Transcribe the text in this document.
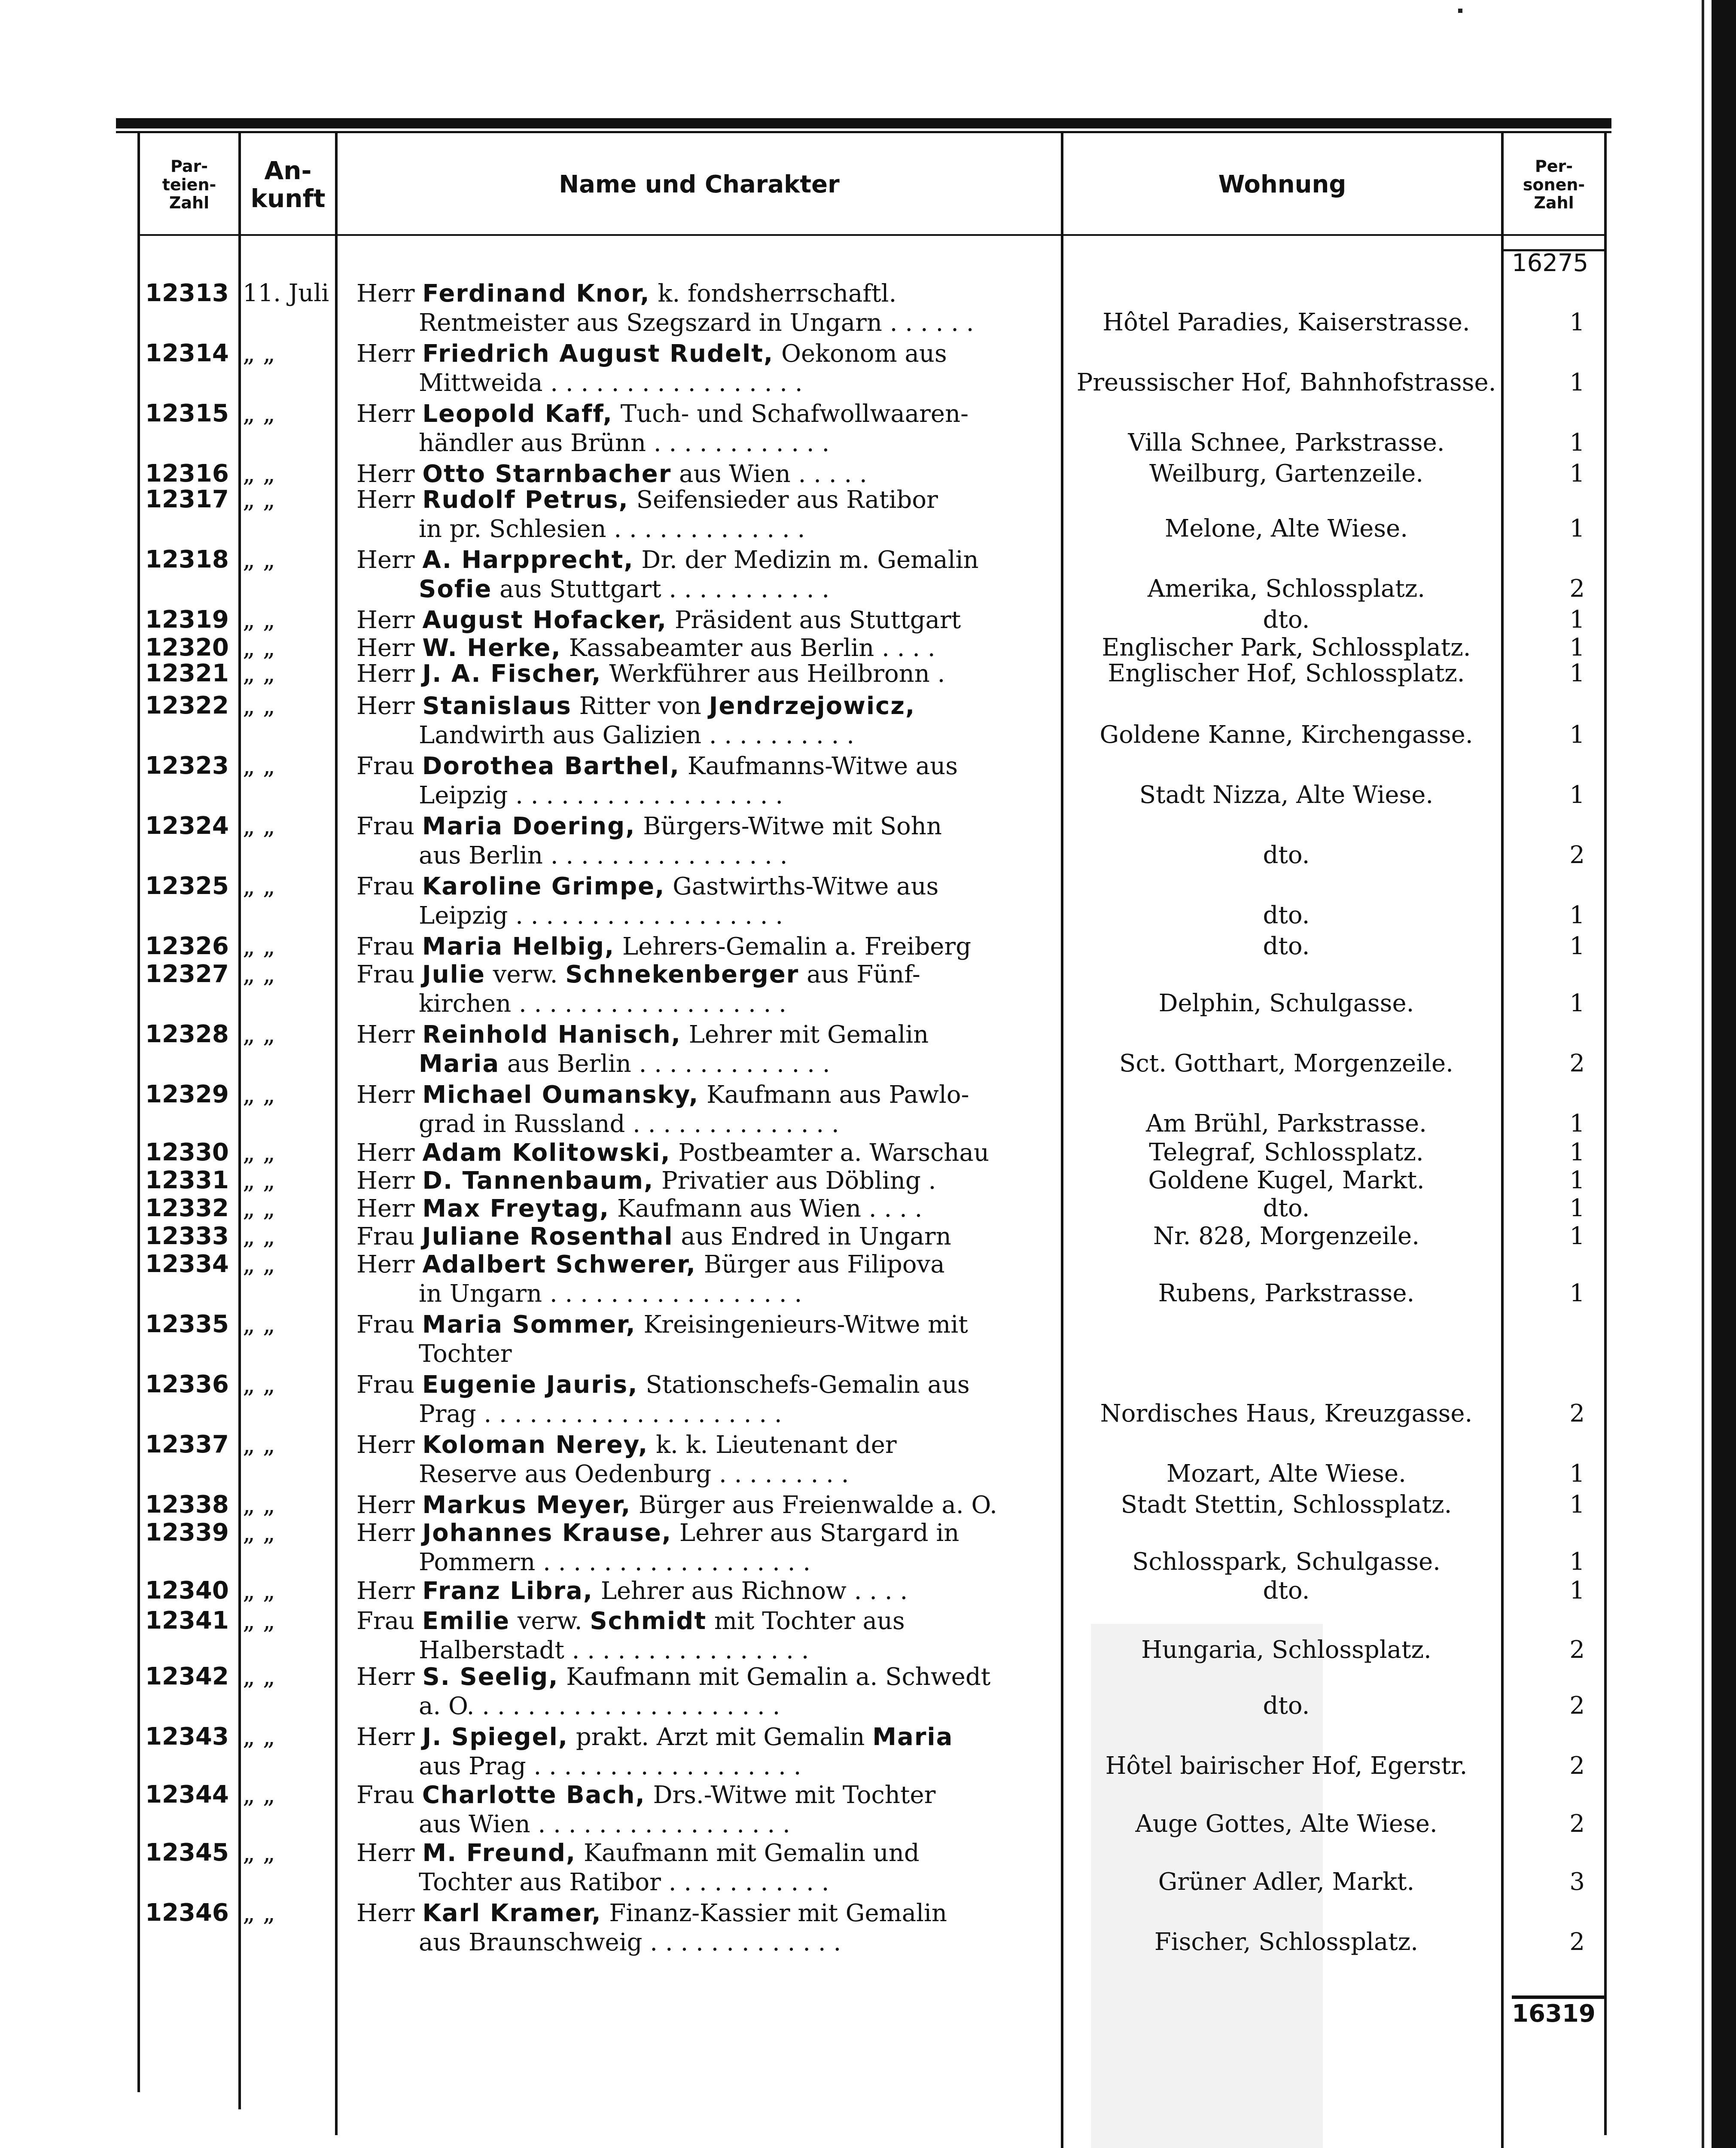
Par-
teien-
Zahl
An-
kunft	Name und Charakter	Wohnung
Per-
sonen-
Zahl
16275
12313 11. Juli Herr Ferdinand Knor, k. fondsherrschaftl.
Rentmeister aus Szegszard in Ungarn . . . . . .	Hôtel Paradies, Kaiserstrasse.	1
12314 „ „	Herr Friedrich August Rudelt, Oekonom aus
Mittweida . . . . . . . . . . . . . . . . .	Preussischer Hof, Bahnhofstrasse.	1
12315 „ „	Herr Leopold Kaff, Tuch- und Schafwollwaaren-
händler aus Brünn . . . . . . . . . . . .	Villa Schnee, Parkstrasse.	1
12316 „ „	Herr Otto Starnbacher aus Wien . . . . .	Weilburg, Gartenzeile.	1
12317 „ „	Herr Rudolf Petrus, Seifensieder aus Ratibor
in pr. Schlesien . . . . . . . . . . . . .	Melone, Alte Wiese.	1
12318 „ „	Herr A. Harpprecht, Dr. der Medizin m. Gemalin
Sofie aus Stuttgart . . . . . . . . . . .	Amerika, Schlossplatz.	2
12319 „ „	Herr August Hofacker, Präsident aus Stuttgart	dto.	1
12320 „ „	Herr W. Herke, Kassabeamter aus Berlin . . . .	Englischer Park, Schlossplatz.	1
12321 „ „	Herr J. A. Fischer, Werkführer aus Heilbronn .	Englischer Hof, Schlossplatz.	1
12322 „ „	Herr Stanislaus Ritter von Jendrzejowicz,
Landwirth aus Galizien . . . . . . . . . .	Goldene Kanne, Kirchengasse.	1
12323 „ „	Frau Dorothea Barthel, Kaufmanns-Witwe aus
Leipzig . . . . . . . . . . . . . . . . . .	Stadt Nizza, Alte Wiese.	1
12324 „ „	Frau Maria Doering, Bürgers-Witwe mit Sohn
aus Berlin . . . . . . . . . . . . . . . .	dto.	2
12325 „ „	Frau Karoline Grimpe, Gastwirths-Witwe aus
Leipzig . . . . . . . . . . . . . . . . . .	dto.	1
12326 „ „	Frau Maria Helbig, Lehrers-Gemalin a. Freiberg	dto.	1
12327 „ „	Frau Julie verw. Schnekenberger aus Fünf-
kirchen . . . . . . . . . . . . . . . . . .	Delphin, Schulgasse.	1
12328 „ „	Herr Reinhold Hanisch, Lehrer mit Gemalin
Maria aus Berlin . . . . . . . . . . . . .	Sct. Gotthart, Morgenzeile.	2
12329 „ „	Herr Michael Oumansky, Kaufmann aus Pawlo-
grad in Russland . . . . . . . . . . . . . .	Am Brühl, Parkstrasse.	1
12330 „ „	Herr Adam Kolitowski, Postbeamter a. Warschau	Telegraf, Schlossplatz.	1
12331 „ „	Herr D. Tannenbaum, Privatier aus Döbling .	Goldene Kugel, Markt.	1
12332 „ „	Herr Max Freytag, Kaufmann aus Wien . . . .	dto.	1
12333 „ „	Frau Juliane Rosenthal aus Endred in Ungarn	Nr. 828, Morgenzeile.	1
12334 „ „	Herr Adalbert Schwerer, Bürger aus Filipova
in Ungarn . . . . . . . . . . . . . . . . .	Rubens, Parkstrasse.	1
12335 „ „	Frau Maria Sommer, Kreisingenieurs-Witwe mit
Tochter
12336 „ „	Frau Eugenie Jauris, Stationschefs-Gemalin aus
Prag . . . . . . . . . . . . . . . . . . . .	Nordisches Haus, Kreuzgasse.	2
12337 „ „	Herr Koloman Nerey, k. k. Lieutenant der
Reserve aus Oedenburg . . . . . . . . .	Mozart, Alte Wiese.	1
12338 „ „	Herr Markus Meyer, Bürger aus Freienwalde a. O.	Stadt Stettin, Schlossplatz.	1
12339 „ „	Herr Johannes Krause, Lehrer aus Stargard in
Pommern . . . . . . . . . . . . . . . . . .	Schlosspark, Schulgasse.	1
12340 „ „	Herr Franz Libra, Lehrer aus Richnow . . . .	dto.	1
12341 „ „	Frau Emilie verw. Schmidt mit Tochter aus
Halberstadt . . . . . . . . . . . . . . . .	Hungaria, Schlossplatz.	2
12342 „ „	Herr S. Seelig, Kaufmann mit Gemalin a. Schwedt
a. O. . . . . . . . . . . . . . . . . . . . .	dto.	2
12343 „ „	Herr J. Spiegel, prakt. Arzt mit Gemalin Maria
aus Prag . . . . . . . . . . . . . . . . . .	Hôtel bairischer Hof, Egerstr.	2
12344 „ „	Frau Charlotte Bach, Drs.-Witwe mit Tochter
aus Wien . . . . . . . . . . . . . . . . .	Auge Gottes, Alte Wiese.	2
12345 „ „	Herr M. Freund, Kaufmann mit Gemalin und
Tochter aus Ratibor . . . . . . . . . . .	Grüner Adler, Markt.	3
12346 „ „	Herr Karl Kramer, Finanz-Kassier mit Gemalin
aus Braunschweig . . . . . . . . . . . . .	Fischer, Schlossplatz.	2
16319
